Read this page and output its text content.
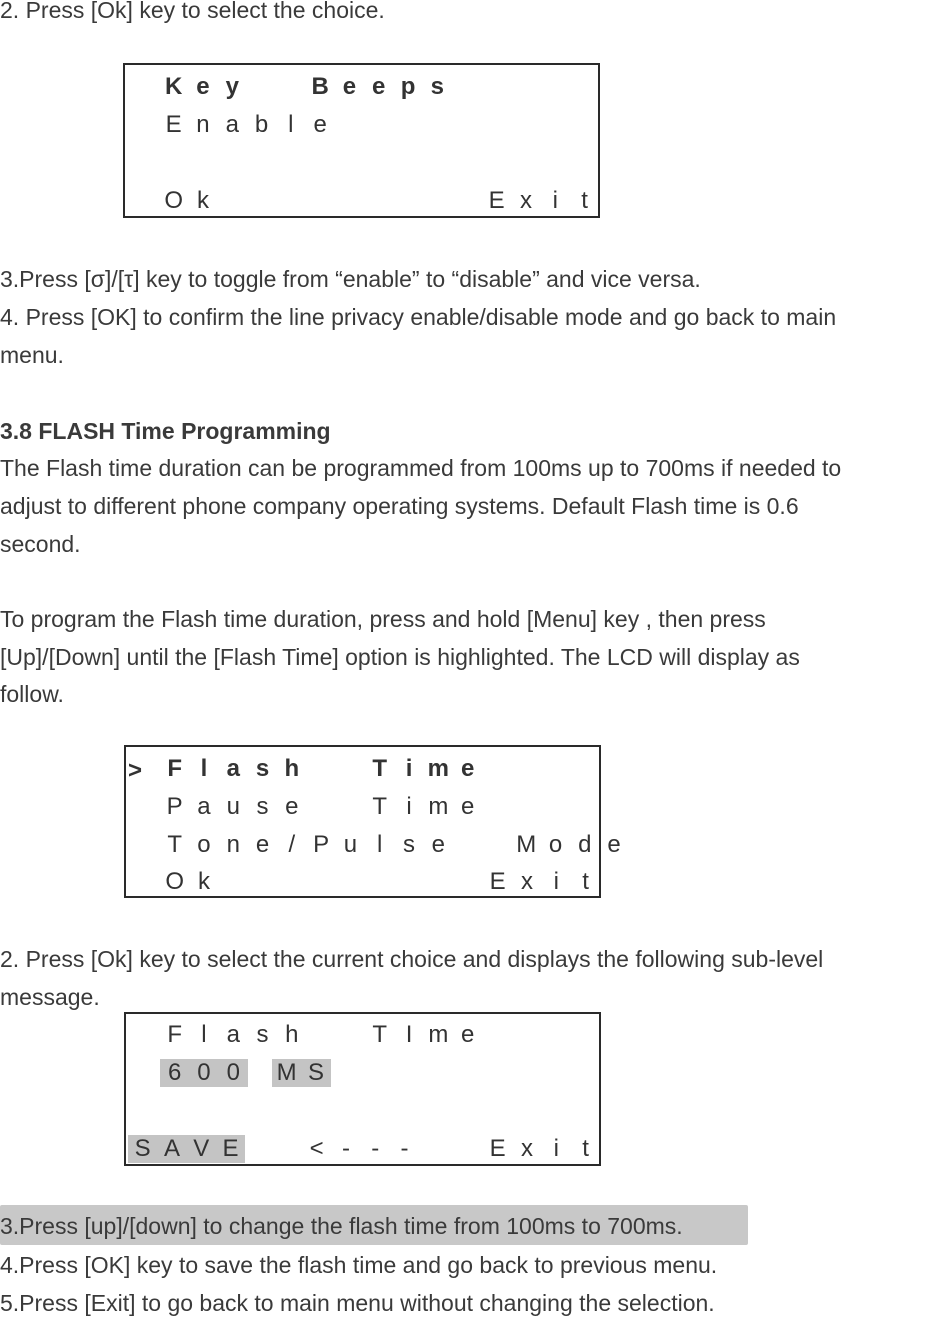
2. Press [Ok] key to select the choice.

K e y	B e e p s
E n a b l e
O k	E x i t

3.Press [σ]/[τ] key to toggle from “enable” to “disable” and vice versa.

4. Press [OK] to confirm the line privacy enable/disable mode and go back to main

menu.

3.8 FLASH Time Programming

The Flash time duration can be programmed from 100ms up to 700ms if needed to

adjust to different phone company operating systems. Default Flash time is 0.6

second.

To program the Flash time duration, press and hold [Menu] key , then press

[Up]/[Down] until the [Flash Time] option is highlighted. The LCD will display as

follow.

>	F l a s h	T i m e
P a u s e	T i m e
T o n e / P u l s e	M o d e
O k	E x i t

2. Press [Ok] key to select the current choice and displays the following sub-level

message.

F l a s h	T I m e
6 0 0	M S
S A V E	< - - -	E x i t

3.Press [up]/[down] to change the flash time from 100ms to 700ms.

4.Press [OK] key to save the flash time and go back to previous menu.

5.Press [Exit] to go back to main menu without changing the selection.
